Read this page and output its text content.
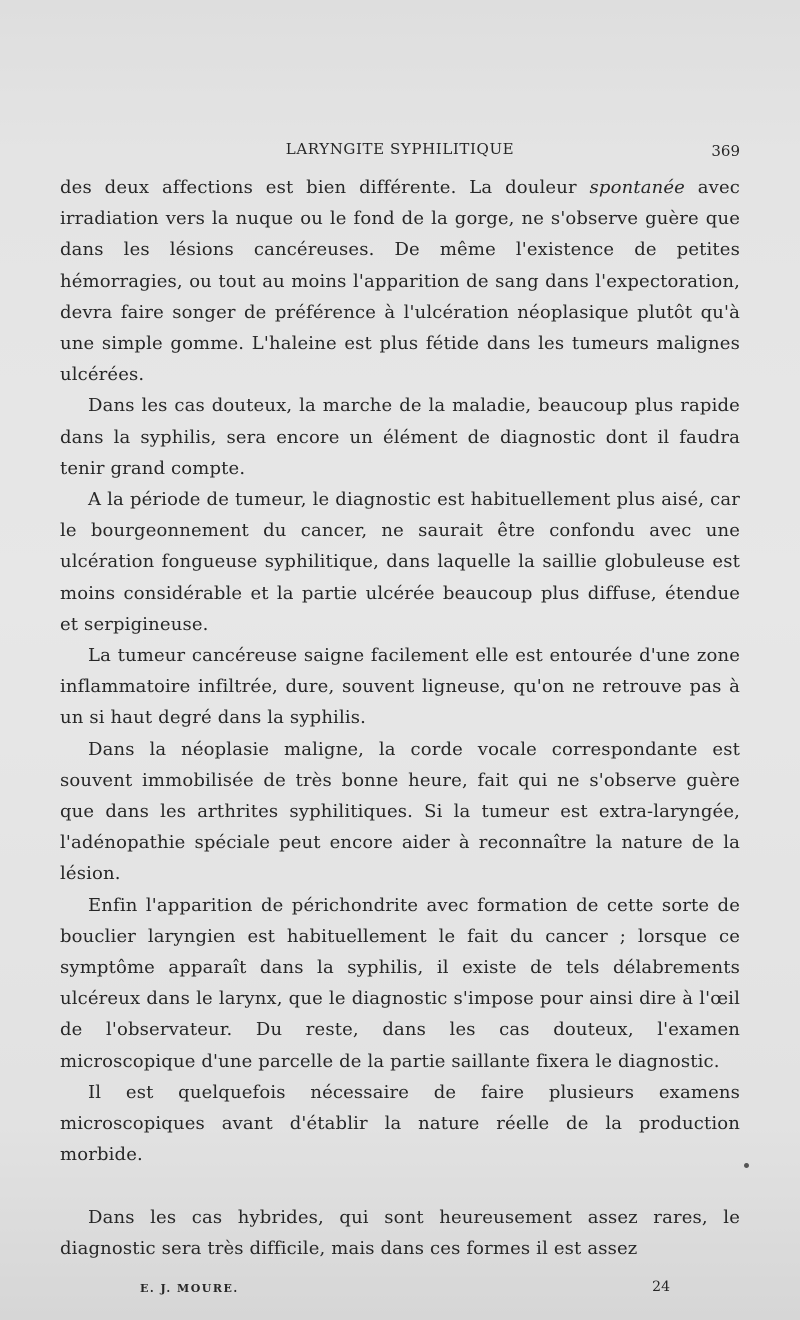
LARYNGITE SYPHILITIQUE	369

des deux affections est bien différente. La douleur spontanée avec irradiation vers la nuque ou le fond de la gorge, ne s'observe guère que dans les lésions cancéreuses. De même l'existence de petites hémorragies, ou tout au moins l'apparition de sang dans l'expectoration, devra faire songer de préférence à l'ulcération néoplasique plutôt qu'à une simple gomme. L'haleine est plus fétide dans les tumeurs malignes ulcérées.

Dans les cas douteux, la marche de la maladie, beaucoup plus rapide dans la syphilis, sera encore un élément de diagnostic dont il faudra tenir grand compte.

A la période de tumeur, le diagnostic est habituellement plus aisé, car le bourgeonnement du cancer, ne saurait être confondu avec une ulcération fongueuse syphilitique, dans laquelle la saillie globuleuse est moins considérable et la partie ulcérée beaucoup plus diffuse, étendue et serpigineuse.

La tumeur cancéreuse saigne facilement elle est entourée d'une zone inflammatoire infiltrée, dure, souvent ligneuse, qu'on ne retrouve pas à un si haut degré dans la syphilis.

Dans la néoplasie maligne, la corde vocale correspondante est souvent immobilisée de très bonne heure, fait qui ne s'observe guère que dans les arthrites syphilitiques. Si la tumeur est extra-laryngée, l'adénopathie spéciale peut encore aider à reconnaître la nature de la lésion.

Enfin l'apparition de périchondrite avec formation de cette sorte de bouclier laryngien est habituellement le fait du cancer ; lorsque ce symptôme apparaît dans la syphilis, il existe de tels délabrements ulcéreux dans le larynx, que le diagnostic s'impose pour ainsi dire à l'œil de l'observateur. Du reste, dans les cas douteux, l'examen microscopique d'une parcelle de la partie saillante fixera le diagnostic.

Il est quelquefois nécessaire de faire plusieurs examens microscopiques avant d'établir la nature réelle de la production morbide.

Dans les cas hybrides, qui sont heureusement assez rares, le diagnostic sera très difficile, mais dans ces formes il est assez

E. J. MOURE.	24
